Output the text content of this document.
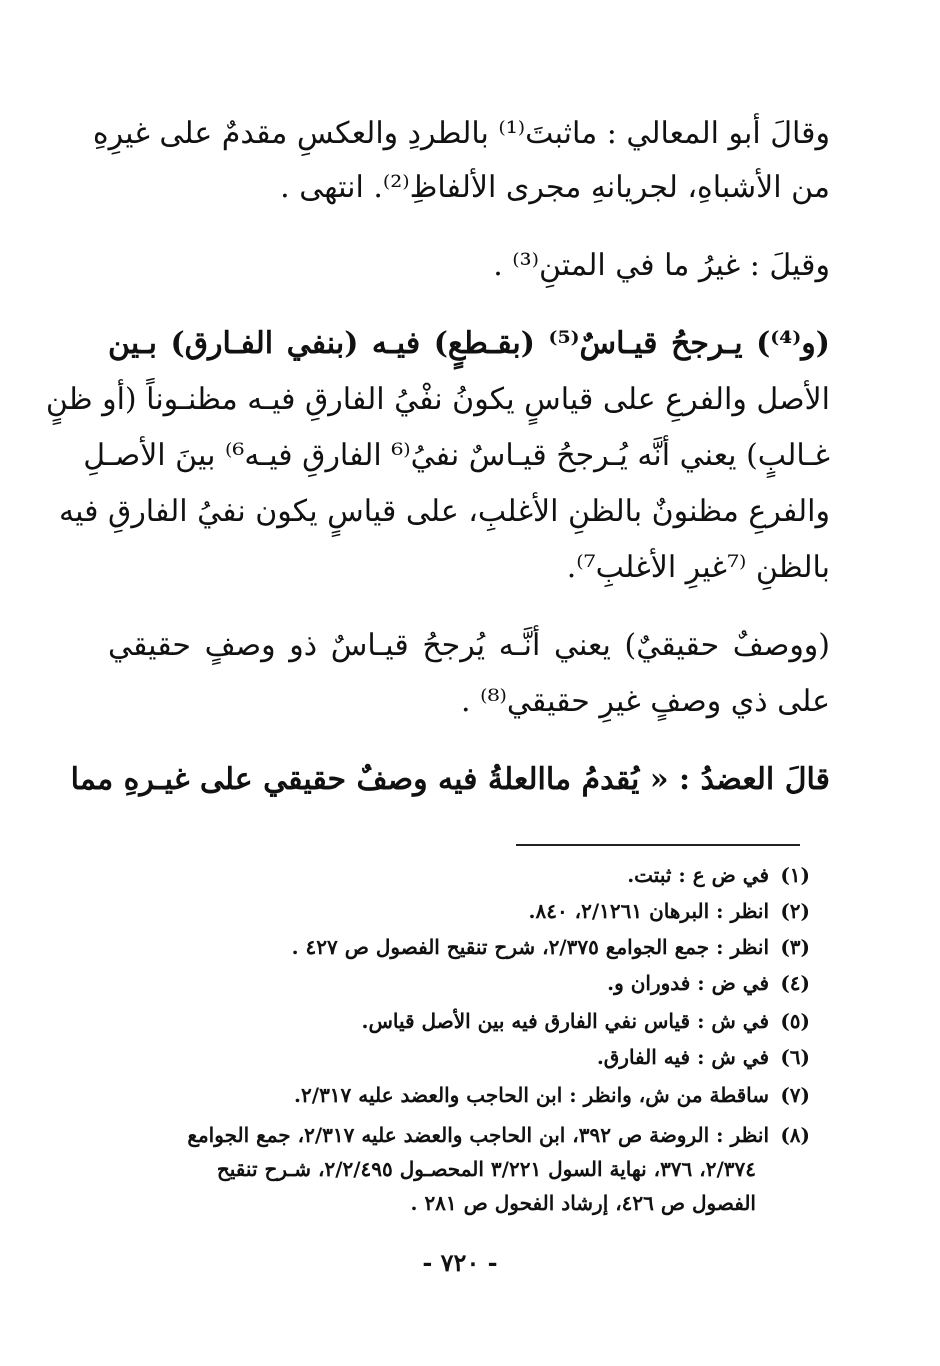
وقالَ أبو المعالي : ماثبتَ⁽¹⁾ بالطردِ والعكسِ مقدمٌ على غيرِهِ
من الأشباهِ، لجريانهِ مجرى الألفاظِ⁽²⁾. انتهى .
وقيلَ : غيرُ ما في المتنِ⁽³⁾ .
(و⁽⁴⁾) يـرجحُ قيـاسٌ⁽⁵⁾ (بقـطعٍ) فيـه (بنفي الفـارق) بـين
الأصل والفرعِ على قياسٍ يكونُ نفْيُ الفارقِ فيـه مظنـوناً (أو ظنٍ
غـالبٍ) يعني أنَّه يُـرجحُ قيـاسٌ نفيُ⁽⁶ الفارقِ فيـه⁶⁾ بينَ الأصـلِ
والفرعِ مظنونٌ بالظنِ الأغلبِ، على قياسٍ يكون نفيُ الفارقِ فيه
بالظنِ ⁽⁷غيرِ الأغلبِ⁷⁾.
(ووصفٌ حقيقيٌ) يعني أنَّـه يُرجحُ قيـاسٌ ذو وصفٍ حقيقي
على ذي وصفٍ غيرِ حقيقي⁽⁸⁾ .
قالَ العضدُ : « يُقدمُ ماالعلةُ فيه وصفٌ حقيقي على غيـرهِ مما
(١) في ض ع : ثبتت.
(٢) انظر : البرهان ٢/١٢٦١، ٨٤٠.
(٣) انظر : جمع الجوامع ٢/٣٧٥، شرح تنقيح الفصول ص ٤٢٧ .
(٤) في ض : فدوران و.
(٥) في ش : قياس نفي الفارق فيه بين الأصل قياس.
(٦) في ش : فيه الفارق.
(٧) ساقطة من ش، وانظر : ابن الحاجب والعضد عليه ٢/٣١٧.
(٨) انظر : الروضة ص ٣٩٢، ابن الحاجب والعضد عليه ٢/٣١٧، جمع الجوامع
٢/٣٧٤، ٣٧٦، نهاية السول ٣/٢٢١ المحصـول ٢/٢/٤٩٥، شـرح تنقيح
الفصول ص ٤٢٦، إرشاد الفحول ص ٢٨١ .
- ٧٢٠ -
